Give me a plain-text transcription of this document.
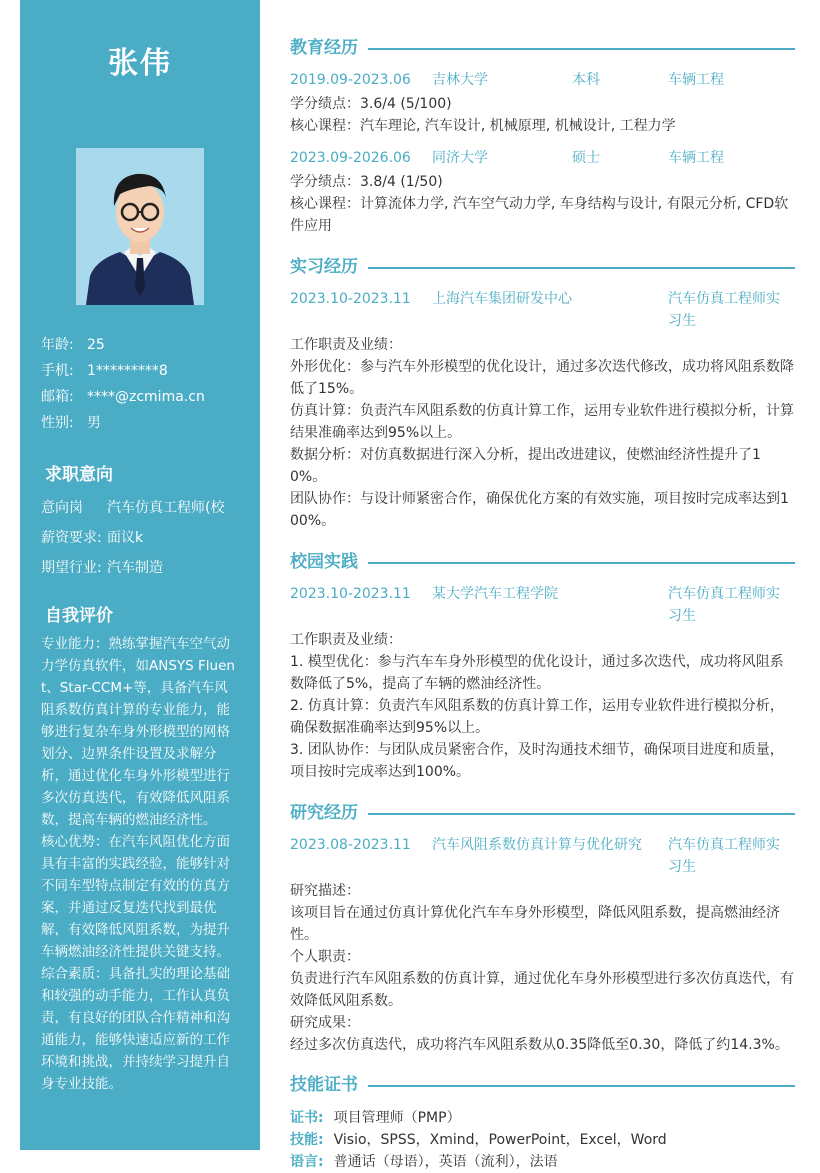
张伟
年龄: 25
手机: 1*********8
邮箱: ****@zcmima.cn
性别: 男
求职意向
意向岗 汽车仿真工程师(校
薪资要求: 面议k
期望行业: 汽车制造
自我评价

专业能力：熟练掌握汽车空气动力学仿真软件，如ANSYS Fluent、Star-CCM+等，具备汽车风阻系数仿真计算的专业能力，能够进行复杂车身外形模型的网格划分、边界条件设置及求解分析，通过优化车身外形模型进行多次仿真迭代，有效降低风阻系数，提高车辆的燃油经济性。

核心优势：在汽车风阻优化方面具有丰富的实践经验，能够针对不同车型特点制定有效的仿真方案，并通过反复迭代找到最优解，有效降低风阻系数，为提升车辆燃油经济性提供关键支持。

综合素质：具备扎实的理论基础和较强的动手能力，工作认真负责，有良好的团队合作精神和沟通能力，能够快速适应新的工作环境和挑战，并持续学习提升自身专业技能。

教育经历
2019.09-2023.06 吉林大学	本科	车辆工程

学分绩点：3.6/4 (5/100)

核心课程：汽车理论, 汽车设计, 机械原理, 机械设计, 工程力学

2023.09-2026.06 同济大学	硕士	车辆工程

学分绩点：3.8/4 (1/50)

核心课程：计算流体力学, 汽车空气动力学, 车身结构与设计, 有限元分析, CFD软件应用

实习经历
2023.10-2023.11 上海汽车集团研发中心	汽车仿真工程师实习生

工作职责及业绩：

外形优化：参与汽车外形模型的优化设计，通过多次迭代修改，成功将风阻系数降低了15%。

仿真计算：负责汽车风阻系数的仿真计算工作，运用专业软件进行模拟分析，计算结果准确率达到95%以上。

数据分析：对仿真数据进行深入分析，提出改进建议，使燃油经济性提升了10%。

团队协作：与设计师紧密合作，确保优化方案的有效实施，项目按时完成率达到100%。

校园实践
2023.10-2023.11 某大学汽车工程学院	汽车仿真工程师实习生

工作职责及业绩：

1. 模型优化：参与汽车车身外形模型的优化设计，通过多次迭代，成功将风阻系数降低了5%，提高了车辆的燃油经济性。

2. 仿真计算：负责汽车风阻系数的仿真计算工作，运用专业软件进行模拟分析，确保数据准确率达到95%以上。

3. 团队协作：与团队成员紧密合作，及时沟通技术细节，确保项目进度和质量，项目按时完成率达到100%。

研究经历
2023.08-2023.11 汽车风阻系数仿真计算与优化研究 汽车仿真工程师实习生

研究描述：

该项目旨在通过仿真计算优化汽车车身外形模型，降低风阻系数，提高燃油经济性。

个人职责：

负责进行汽车风阻系数的仿真计算，通过优化车身外形模型进行多次仿真迭代，有效降低风阻系数。

研究成果：

经过多次仿真迭代，成功将汽车风阻系数从0.35降低至0.30，降低了约14.3%。

技能证书
证书: 项目管理师（PMP）
技能: Visio，SPSS，Xmind，PowerPoint，Excel，Word
语言: 普通话（母语），英语（流利），法语
